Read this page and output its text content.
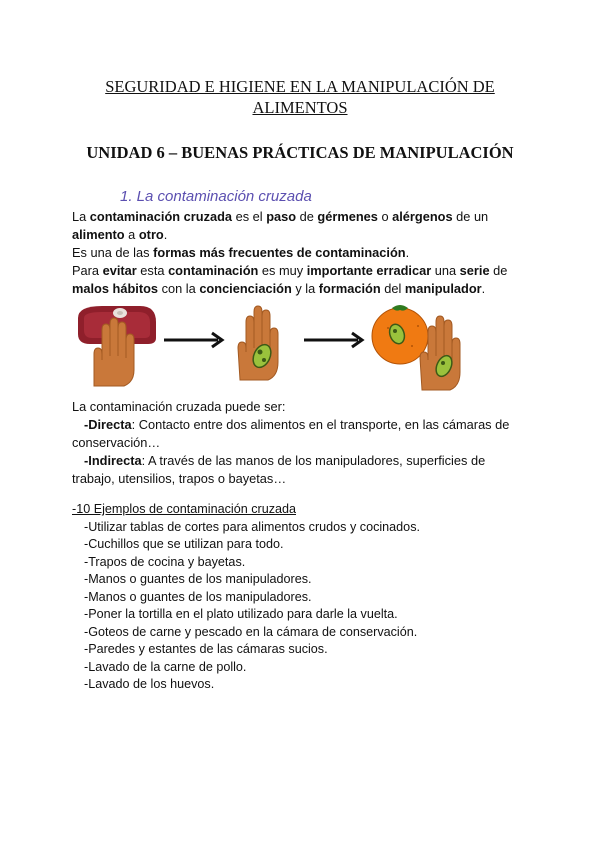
SEGURIDAD E HIGIENE EN LA MANIPULACIÓN DE
ALIMENTOS
UNIDAD 6 – BUENAS PRÁCTICAS DE MANIPULACIÓN
1. La contaminación cruzada
La contaminación cruzada es el paso de gérmenes o alérgenos de un
alimento a otro.
Es una de las formas más frecuentes de contaminación.
Para evitar esta contaminación es muy importante erradicar una serie de
malos hábitos con la concienciación y la formación del manipulador.
La contaminación cruzada puede ser:
-Directa: Contacto entre dos alimentos en el transporte, en las cámaras de
conservación…
-Indirecta: A través de las manos de los manipuladores, superficies de
trabajo, utensilios, trapos o bayetas…
-10 Ejemplos de contaminación cruzada
-Utilizar tablas de cortes para alimentos crudos y cocinados.
-Cuchillos que se utilizan para todo.
-Trapos de cocina y bayetas.
-Manos o guantes de los manipuladores.
-Manos o guantes de los manipuladores.
-Poner la tortilla en el plato utilizado para darle la vuelta.
-Goteos de carne y pescado en la cámara de conservación.
-Paredes y estantes de las cámaras sucios.
-Lavado de la carne de pollo.
-Lavado de los huevos.
